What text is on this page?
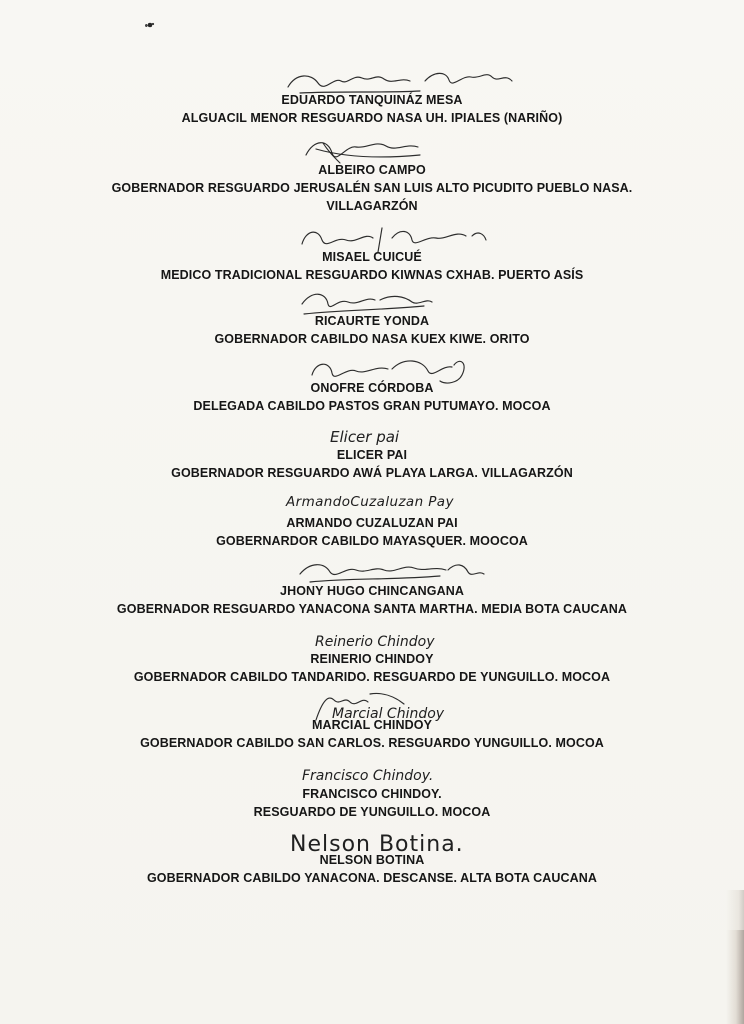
EDUARDO TANQUINÁZ MESA
ALGUACIL MENOR RESGUARDO NASA UH. IPIALES (NARIÑO)
ALBEIRO CAMPO
GOBERNADOR RESGUARDO JERUSALÉN SAN LUIS ALTO PICUDITO PUEBLO NASA.
VILLAGARZÓN
MISAEL CUICUÉ
MEDICO TRADICIONAL RESGUARDO KIWNAS CXHAB. PUERTO ASÍS
RICAURTE YONDA
GOBERNADOR CABILDO NASA KUEX KIWE. ORITO
ONOFRE CÓRDOBA
DELEGADA CABILDO PASTOS GRAN PUTUMAYO. MOCOA
Elicer pai
ELICER PAI
GOBERNADOR RESGUARDO AWÁ PLAYA LARGA. VILLAGARZÓN
ArmandoCuzaluzan Pay
ARMANDO CUZALUZAN PAI
GOBERNARDOR CABILDO MAYASQUER. MOOCOA
JHONY HUGO CHINCANGANA
GOBERNADOR RESGUARDO YANACONA SANTA MARTHA. MEDIA BOTA CAUCANA
Reinerio Chindoy
REINERIO CHINDOY
GOBERNADOR CABILDO TANDARIDO. RESGUARDO DE YUNGUILLO. MOCOA
Marcial Chindoy
MARCIAL CHINDOY
GOBERNADOR CABILDO SAN CARLOS. RESGUARDO YUNGUILLO. MOCOA
Francisco Chindoy.
FRANCISCO CHINDOY.
RESGUARDO DE YUNGUILLO. MOCOA
Nelson Botina.
NELSON BOTINA
GOBERNADOR CABILDO YANACONA. DESCANSE. ALTA BOTA CAUCANA
